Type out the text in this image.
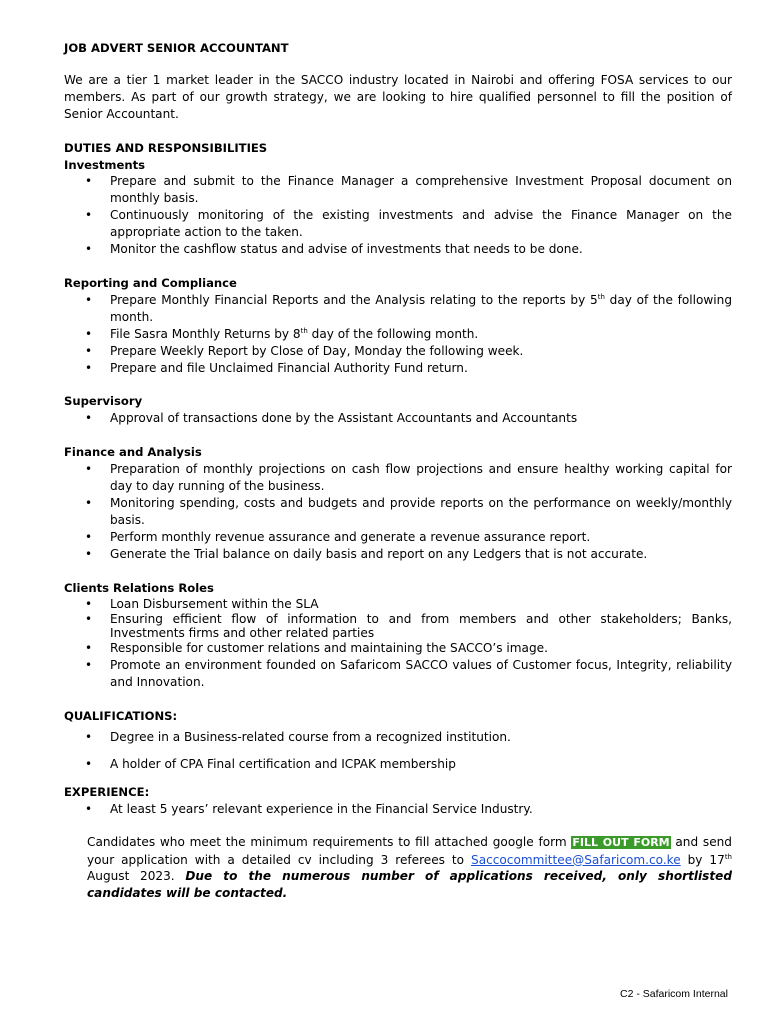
JOB ADVERT SENIOR ACCOUNTANT

We are a tier 1 market leader in the SACCO industry located in Nairobi and offering FOSA services to our members. As part of our growth strategy, we are looking to hire qualified personnel to fill the position of Senior Accountant.

DUTIES AND RESPONSIBILITIES
Investments
• Prepare and submit to the Finance Manager a comprehensive Investment Proposal document on monthly basis.
• Continuously monitoring of the existing investments and advise the Finance Manager on the appropriate action to the taken.
• Monitor the cashflow status and advise of investments that needs to be done.
Reporting and Compliance
• Prepare Monthly Financial Reports and the Analysis relating to the reports by 5th day of the following month.
• File Sasra Monthly Returns by 8th day of the following month.
• Prepare Weekly Report by Close of Day, Monday the following week.
• Prepare and file Unclaimed Financial Authority Fund return.
Supervisory
• Approval of transactions done by the Assistant Accountants and Accountants
Finance and Analysis
• Preparation of monthly projections on cash flow projections and ensure healthy working capital for day to day running of the business.
• Monitoring spending, costs and budgets and provide reports on the performance on weekly/monthly basis.
• Perform monthly revenue assurance and generate a revenue assurance report.
• Generate the Trial balance on daily basis and report on any Ledgers that is not accurate.
Clients Relations Roles
• Loan Disbursement within the SLA
• Ensuring efficient flow of information to and from members and other stakeholders; Banks, Investments firms and other related parties
• Responsible for customer relations and maintaining the SACCO’s image.
• Promote an environment founded on Safaricom SACCO values of Customer focus, Integrity, reliability and Innovation.
QUALIFICATIONS:
• Degree in a Business-related course from a recognized institution.
• A holder of CPA Final certification and ICPAK membership
EXPERIENCE:
• At least 5 years’ relevant experience in the Financial Service Industry.

Candidates who meet the minimum requirements to fill attached google form FILL OUT FORM and send your application with a detailed cv including 3 referees to Saccocommittee@Safaricom.co.ke by 17th August 2023. Due to the numerous number of applications received, only shortlisted candidates will be contacted.

C2 - Safaricom Internal
